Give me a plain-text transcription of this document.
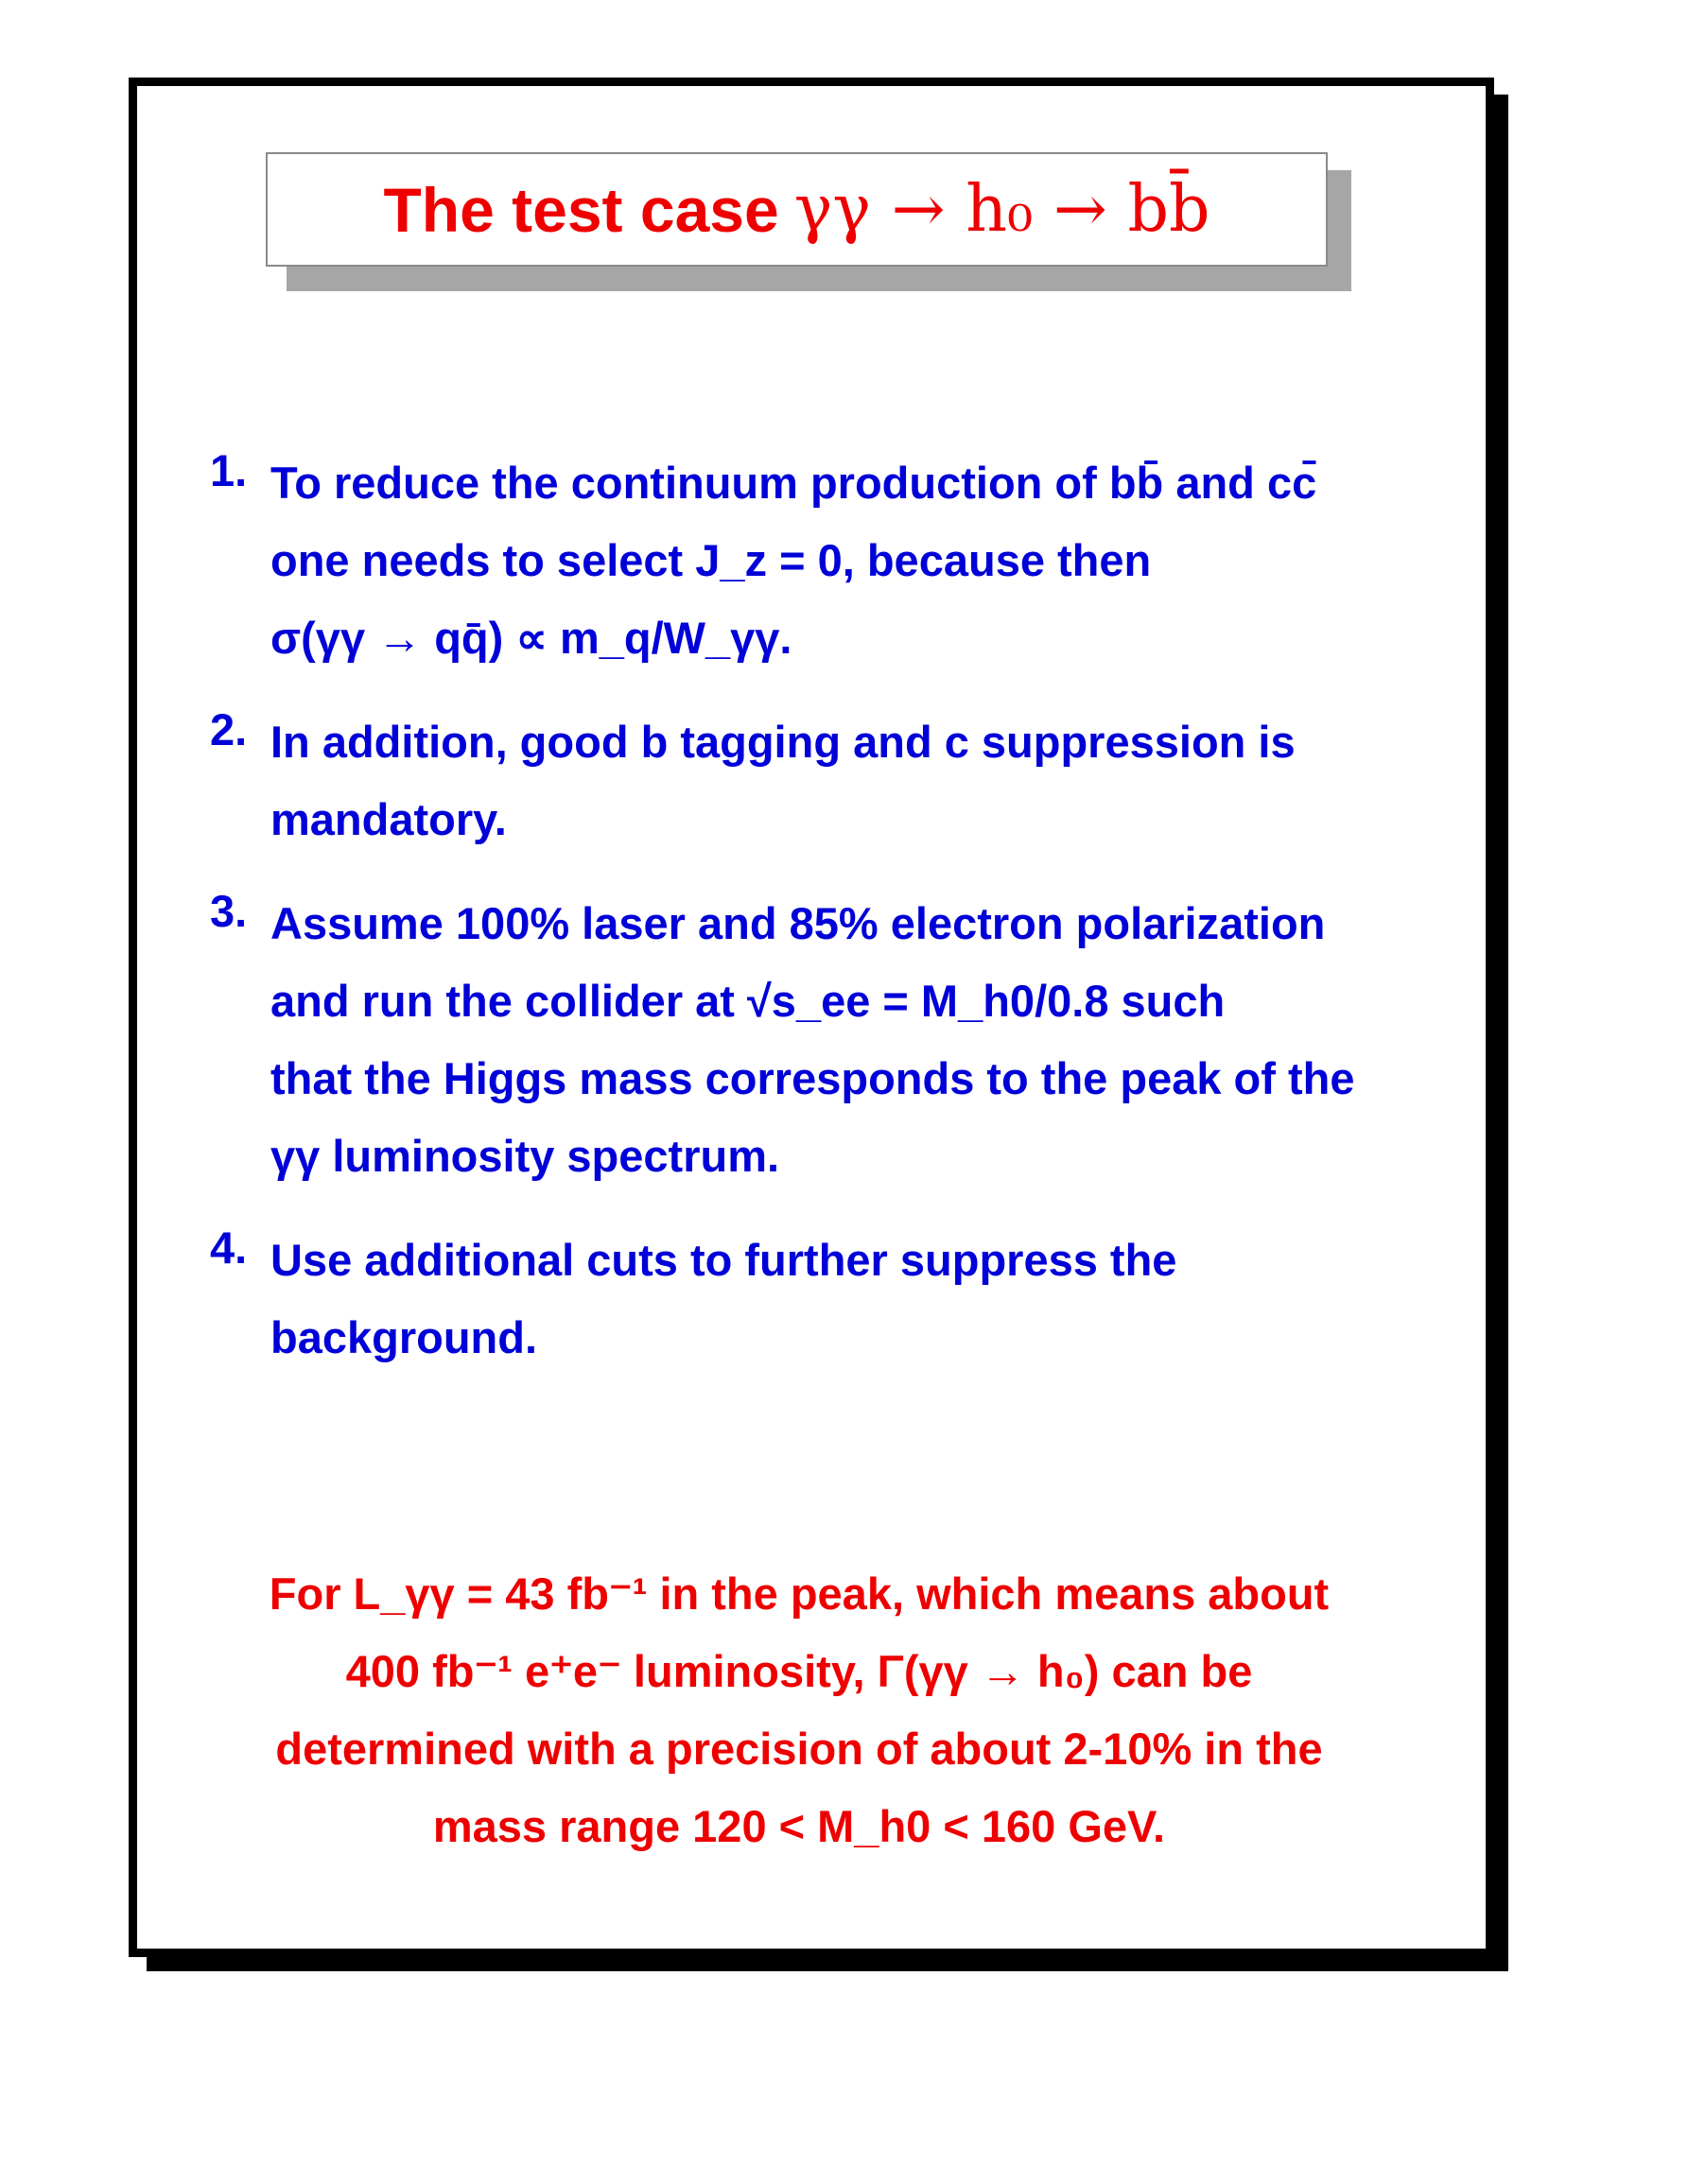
The test case γγ → h₀ → bb̄
1. To reduce the continuum production of bb̄ and cc̄
one needs to select J_z = 0, because then
σ(γγ → qq̄) ∝ m_q/W_γγ.
2. In addition, good b tagging and c suppression is
mandatory.
3. Assume 100% laser and 85% electron polarization
and run the collider at √s_ee = M_h0/0.8 such
that the Higgs mass corresponds to the peak of the
γγ luminosity spectrum.
4. Use additional cuts to further suppress the
background.
For L_γγ = 43 fb⁻¹ in the peak, which means about
400 fb⁻¹ e⁺e⁻ luminosity, Γ(γγ → h₀) can be
determined with a precision of about 2-10% in the
mass range 120 < M_h0 < 160 GeV.
